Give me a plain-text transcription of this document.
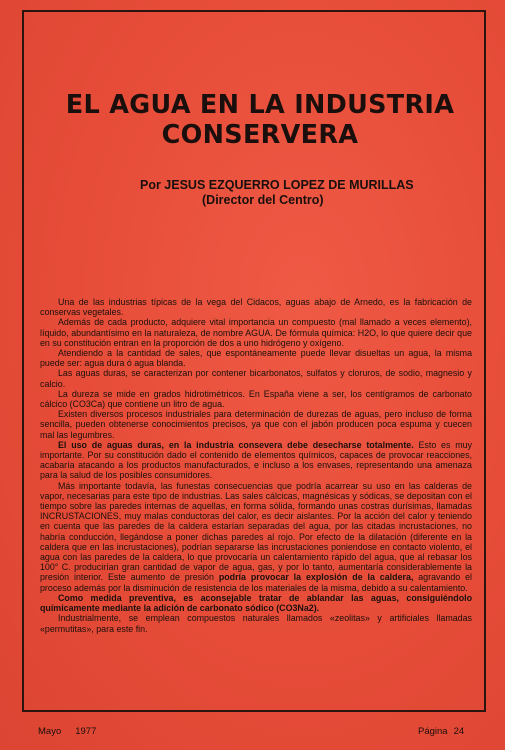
EL AGUA EN LA INDUSTRIA
CONSERVERA
Por JESUS EZQUERRO LOPEZ DE MURILLAS
(Director del Centro)

Una de las industrias típicas de la vega del Cidacos, aguas abajo de Arnedo, es la fabricación de conservas vegetales.

Además de cada producto, adquiere vital importancia un compuesto (mal llamado a veces elemento), líquido, abundantísimo en la naturaleza, de nombre AGUA. De fórmula química: H2O, lo que quiere decir que en su constitución entran en la proporción de dos a uno hidrógeno y oxígeno.

Atendiendo a la cantidad de sales, que espontáneamente puede llevar disueltas un agua, la misma puede ser: agua dura ó agua blanda.

Las aguas duras, se caracterizan por contener bicarbonatos, sulfatos y cloruros, de sodio, magnesio y calcio.

La dureza se mide en grados hidrotimétricos. En España viene a ser, los centígramos de carbonato cálcico (CO3Ca) que contiene un litro de agua.

Existen diversos procesos industriales para determinación de durezas de aguas, pero incluso de forma sencilla, pueden obtenerse conocimientos precisos, ya que con el jabón producen poca espuma y cuecen mal las legumbres.

El uso de aguas duras, en la industria consevera debe desecharse totalmente. Esto es muy importante. Por su constitución dado el contenido de elementos químicos, capaces de provocar reacciones, acabaría atacando a los productos manufacturados, e incluso a los envases, representando una amenaza para la salud de los posibles consumidores.

Más importante todavía, las funestas consecuencias que podría acarrear su uso en las calderas de vapor, necesarias para este tipo de industrias. Las sales cálcicas, magnésicas y sódicas, se depositan con el tiempo sobre las paredes internas de aquellas, en forma sólida, formando unas costras durísimas, llamadas INCRUSTACIONES, muy malas conductoras del calor, es decir aislantes. Por la acción del calor y teniendo en cuenta que las paredes de la caldera estarían separadas del agua, por las citadas incrustaciones, no habría conducción, llegándose a poner dichas paredes al rojo. Por efecto de la dilatación (diferente en la caldera que en las incrustaciones), podrían separarse las incrustaciones poniendose en contacto violento, el agua con las paredes de la caldera, lo que provocaría un calentamiento rápido del agua, que al rebasar los 100° C. producirían gran cantidad de vapor de agua, gas, y por lo tanto, aumentaría considerablemente la presión interior. Este aumento de presión podría provocar la explosión de la caldera, agravando el proceso además por la disminución de resistencia de los materiales de la misma, debido a su calentamiento.

Como medida preventiva, es aconsejable tratar de ablandar las aguas, consiguiéndolo químicamente mediante la adición de carbonato sódico (CO3Na2).

Industrialmente, se emplean compuestos naturales llamados «zeolitas» y artificiales llamadas «permutitas», para este fin.

Mayo 1977	Página 24
